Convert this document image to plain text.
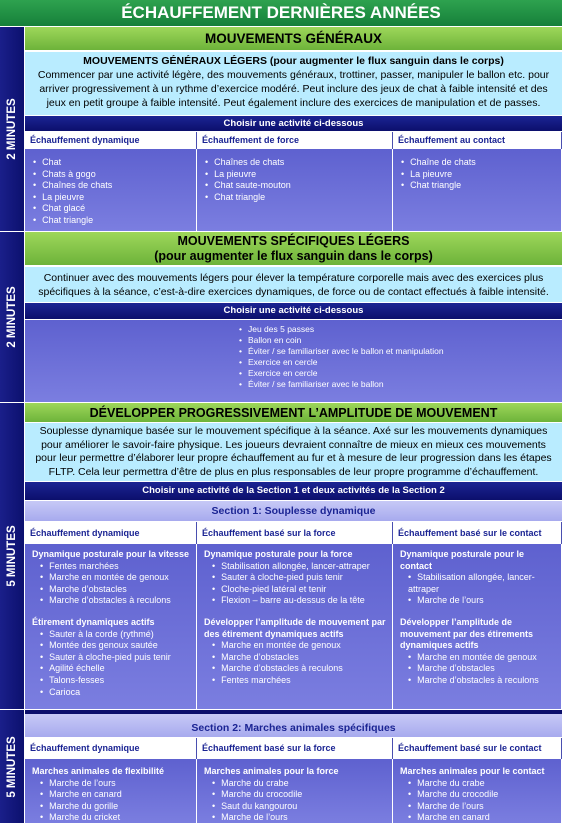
ÉCHAUFFEMENT DERNIÈRES ANNÉES
2 MINUTES
MOUVEMENTS GÉNÉRAUX
MOUVEMENTS GÉNÉRAUX LÉGERS (pour augmenter le flux sanguin dans le corps)
Commencer par une activité légère, des mouvements généraux, trottiner, passer, manipuler le ballon etc. pour arriver progressivement à un rythme d’exercice modéré. Peut inclure des jeux de chat à faible intensité et des jeux en petit groupe à faible intensité. Peut également inclure des exercices de manipulation et de passes.
Choisir une activité ci-dessous
Échauffement dynamique
• Chat
• Chats à gogo
• Chaînes de chats
• La pieuvre
• Chat glacé
• Chat triangle
Échauffement de force
• Chaînes de chats
• La pieuvre
• Chat saute-mouton
• Chat triangle
Échauffement au contact
• Chaîne de chats
• La pieuvre
• Chat triangle
2 MINUTES
MOUVEMENTS SPÉCIFIQUES LÉGERS
(pour augmenter le flux sanguin dans le corps)
Continuer avec des mouvements légers pour élever la température corporelle mais avec des exercices plus spécifiques à la séance, c’est-à-dire exercices dynamiques, de force ou de contact effectués à faible intensité.
Choisir une activité ci-dessous
• Jeu des 5 passes
• Ballon en coin
• Éviter / se familiariser avec le ballon et manipulation
• Exercice en cercle
• Exercice en cercle
• Éviter / se familiariser avec le ballon
5 MINUTES
DÉVELOPPER PROGRESSIVEMENT L’AMPLITUDE DE MOUVEMENT
Souplesse dynamique basée sur le mouvement spécifique à la séance. Axé sur les mouvements dynamiques pour améliorer le savoir-faire physique. Les joueurs devraient connaître de mieux en mieux ces mouvements pour leur permettre d’élaborer leur propre échauffement au fur et à mesure de leur progression dans les étapes FLTP. Cela leur permettra d’être de plus en plus responsables de leur propre programme d’échauffement.
Choisir une activité de la Section 1 et deux activités de la Section 2
Section 1: Souplesse dynamique
Échauffement dynamique
Dynamique posturale pour la vitesse
• Fentes marchées
• Marche en montée de genoux
• Marche d’obstacles
• Marche d’obstacles à reculons
Étirement dynamiques actifs
• Sauter à la corde (rythmé)
• Montée des genoux sautée
• Sauter à cloche-pied puis tenir
• Agilité échelle
• Talons-fesses
• Carioca
Échauffement basé sur la force
Dynamique posturale pour la force
• Stabilisation allongée, lancer-attraper
• Sauter à cloche-pied puis tenir
• Cloche-pied latéral et tenir
• Flexion – barre au-dessus de la tête
Développer l’amplitude de mouvement par des étirement dynamiques actifs
• Marche en montée de genoux
• Marche d’obstacles
• Marche d’obstacles à reculons
• Fentes marchées
Échauffement basé sur le contact
Dynamique posturale pour le contact
• Stabilisation allongée, lancer-attraper
• Marche de l’ours
Développer l’amplitude de mouvement par des étirements dynamiques actifs
• Marche en montée de genoux
• Marche d’obstacles
• Marche d’obstacles à reculons
5 MINUTES
Section 2: Marches animales spécifiques
Échauffement dynamique
Marches animales de flexibilité
• Marche de l’ours
• Marche en canard
• Marche du gorille
• Marche du cricket
Échauffement basé sur la force
Marches animales pour la force
• Marche du crabe
• Marche du crocodile
• Saut du kangourou
• Marche de l’ours
Échauffement basé sur le contact
Marches animales pour le contact
• Marche du crabe
• Marche du crocodile
• Marche de l’ours
• Marche en canard
